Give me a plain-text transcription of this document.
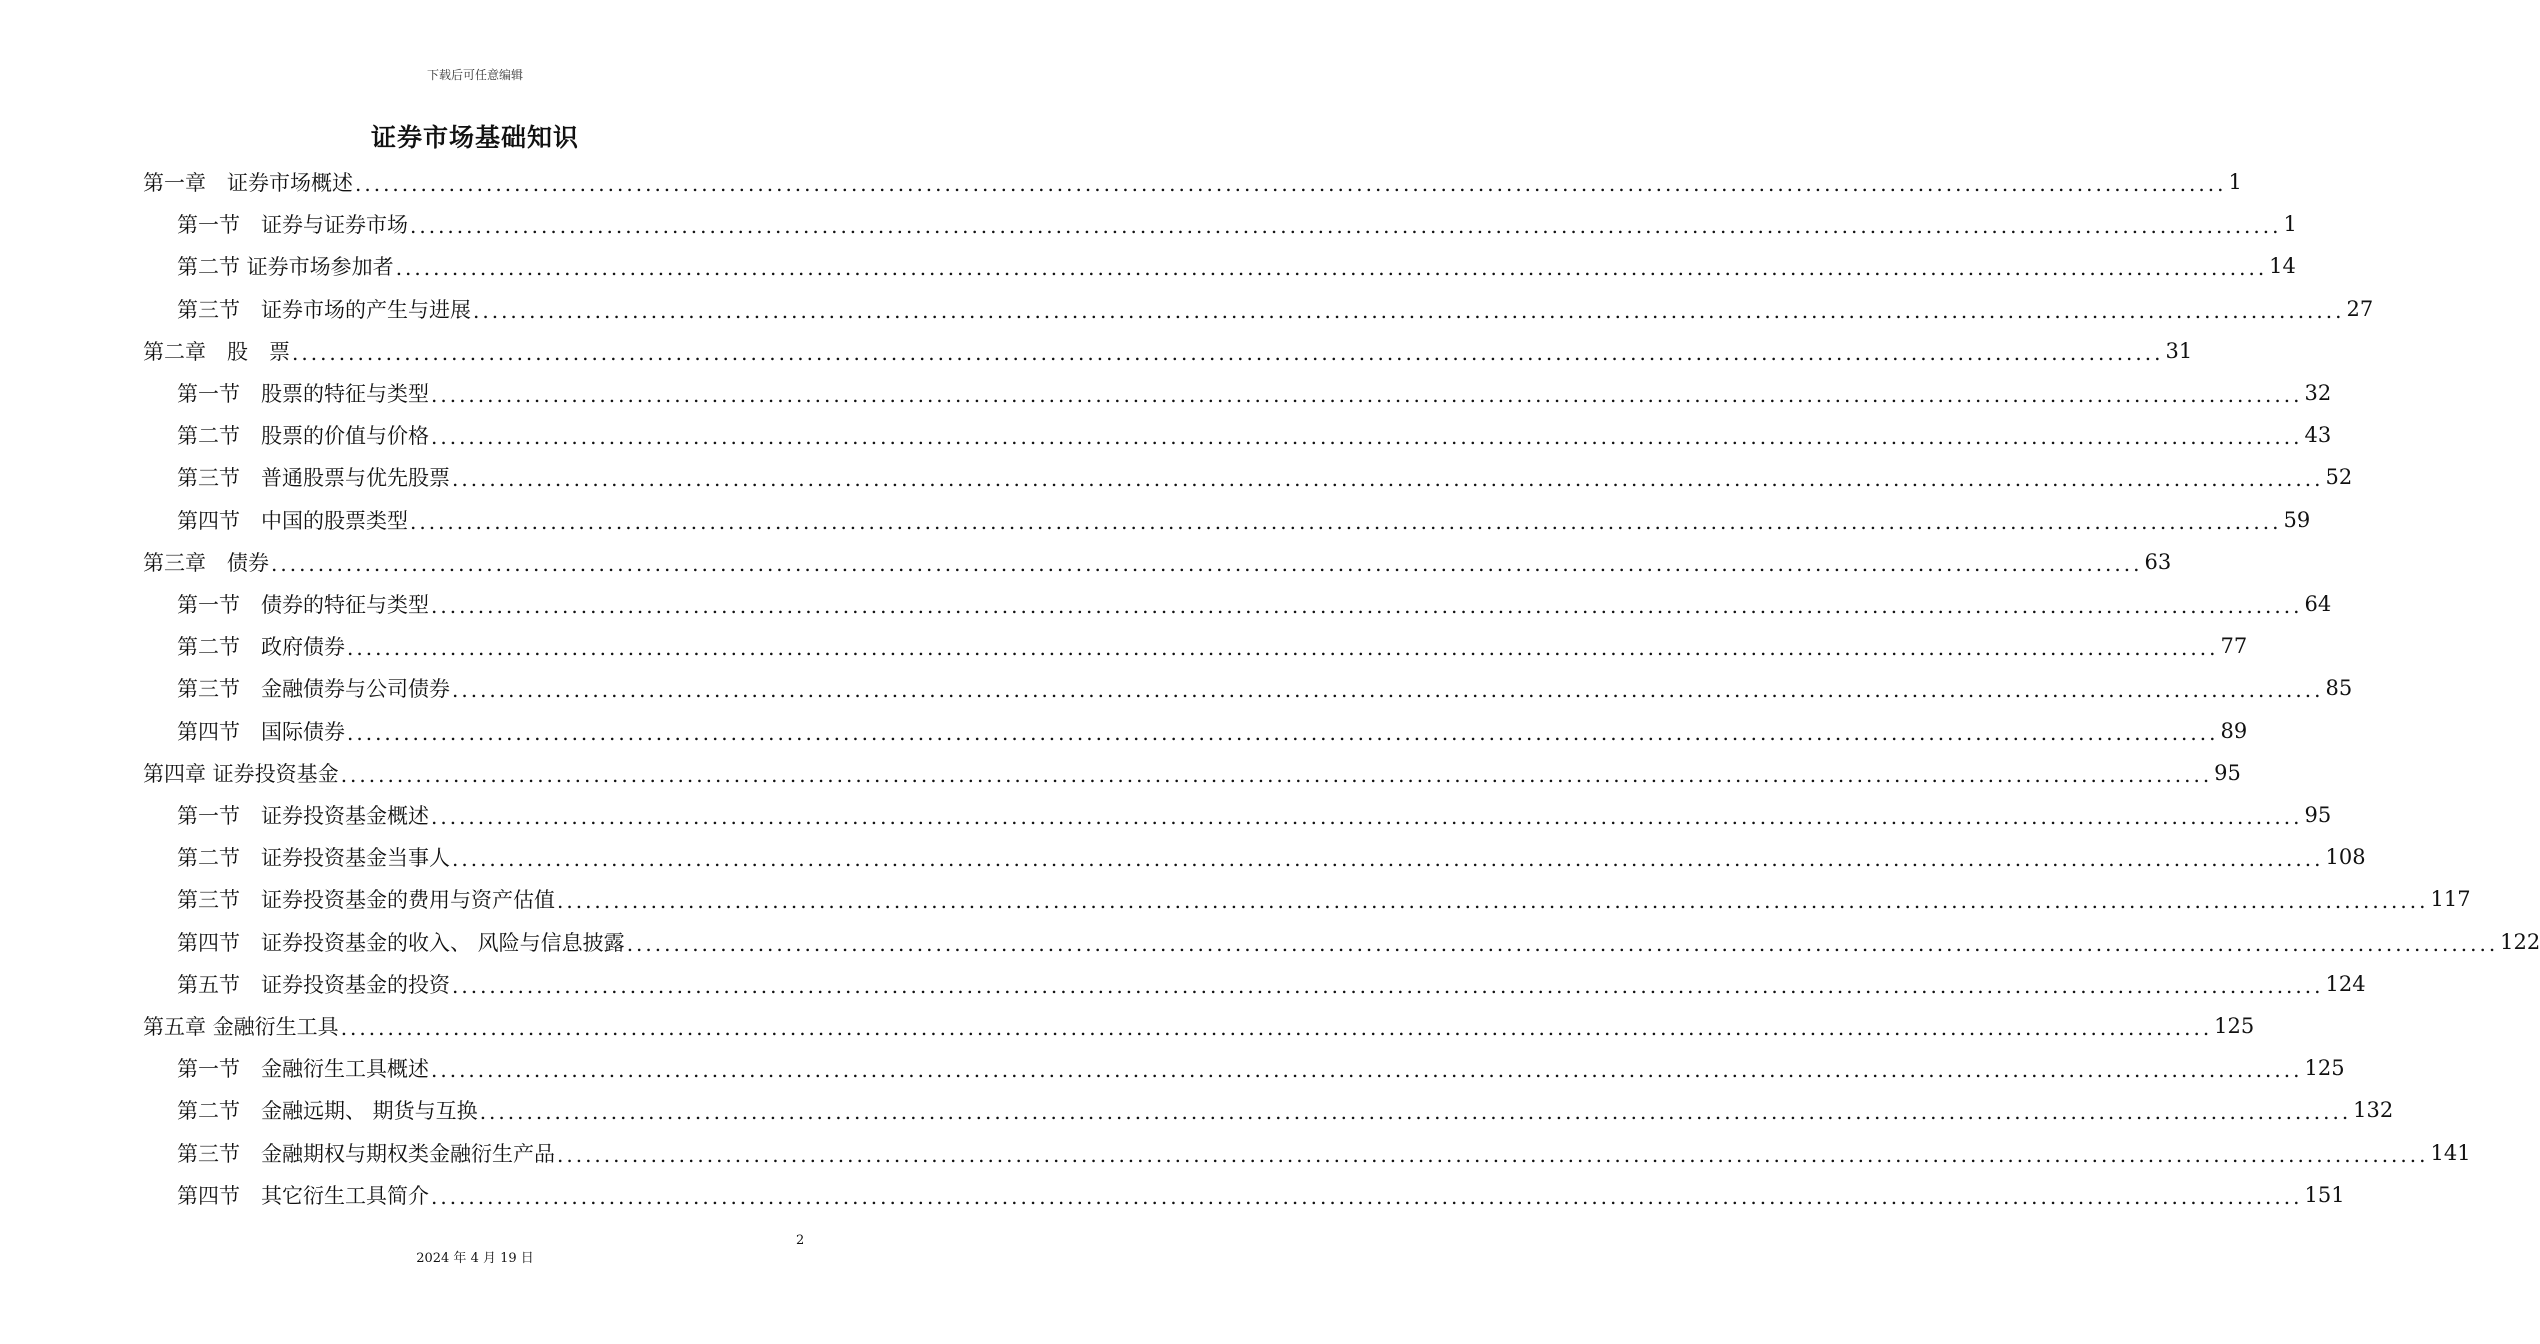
下载后可任意编辑
证券市场基础知识
第一章　证券市场概述 ........................................................................................................................................................................................................ 1
第一节　证券与证券市场 ........................................................................................................................................................................................................ 1
第二节 证券市场参加者 ........................................................................................................................................................................................................ 14
第三节　证券市场的产生与进展 ........................................................................................................................................................................................................ 27
第二章　股　票 ........................................................................................................................................................................................................ 31
第一节　股票的特征与类型 ........................................................................................................................................................................................................ 32
第二节　股票的价值与价格 ........................................................................................................................................................................................................ 43
第三节　普通股票与优先股票 ........................................................................................................................................................................................................ 52
第四节　中国的股票类型 ........................................................................................................................................................................................................ 59
第三章　债券 ........................................................................................................................................................................................................ 63
第一节　债券的特征与类型 ........................................................................................................................................................................................................ 64
第二节　政府债券 ........................................................................................................................................................................................................ 77
第三节　金融债券与公司债券 ........................................................................................................................................................................................................ 85
第四节　国际债券 ........................................................................................................................................................................................................ 89
第四章 证券投资基金 ........................................................................................................................................................................................................ 95
第一节　证券投资基金概述 ........................................................................................................................................................................................................ 95
第二节　证券投资基金当事人 ........................................................................................................................................................................................................ 108
第三节　证券投资基金的费用与资产估值 ........................................................................................................................................................................................................ 117
第四节　证券投资基金的收入、 风险与信息披露 ........................................................................................................................................................................................................ 122
第五节　证券投资基金的投资 ........................................................................................................................................................................................................ 124
第五章 金融衍生工具 ........................................................................................................................................................................................................ 125
第一节　金融衍生工具概述 ........................................................................................................................................................................................................ 125
第二节　金融远期、 期货与互换 ........................................................................................................................................................................................................ 132
第三节　金融期权与期权类金融衍生产品 ........................................................................................................................................................................................................ 141
第四节　其它衍生工具简介 ........................................................................................................................................................................................................ 151
2
2024 年 4 月 19 日
